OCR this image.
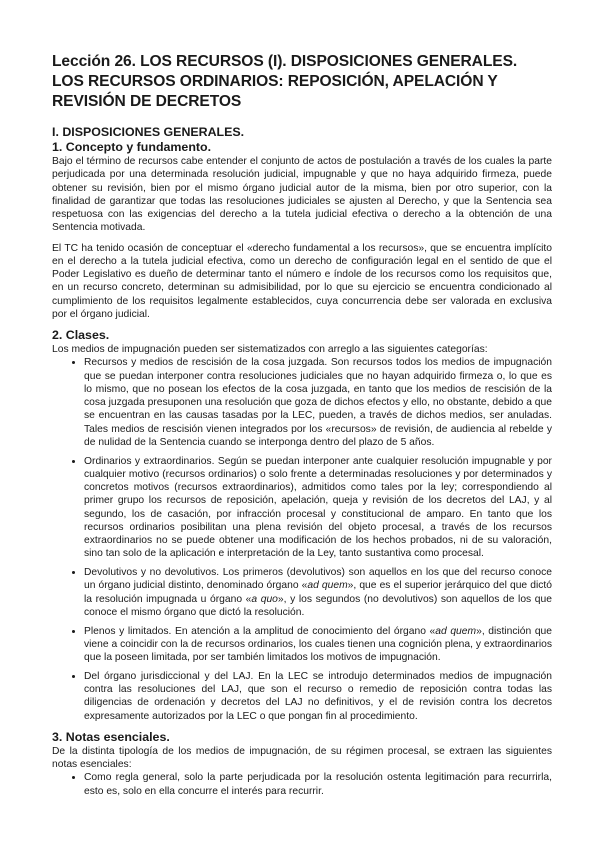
Lección 26. LOS RECURSOS (I). DISPOSICIONES GENERALES. LOS RECURSOS ORDINARIOS: REPOSICIÓN, APELACIÓN Y REVISIÓN DE DECRETOS
I. DISPOSICIONES GENERALES.
1. Concepto y fundamento.

Bajo el término de recursos cabe entender el conjunto de actos de postulación a través de los cuales la parte perjudicada por una determinada resolución judicial, impugnable y que no haya adquirido firmeza, puede obtener su revisión, bien por el mismo órgano judicial autor de la misma, bien por otro superior, con la finalidad de garantizar que todas las resoluciones judiciales se ajusten al Derecho, y que la Sentencia sea respetuosa con las exigencias del derecho a la tutela judicial efectiva o derecho a la obtención de una Sentencia motivada.

El TC ha tenido ocasión de conceptuar el «derecho fundamental a los recursos», que se encuentra implícito en el derecho a la tutela judicial efectiva, como un derecho de configuración legal en el sentido de que el Poder Legislativo es dueño de determinar tanto el número e índole de los recursos como los requisitos que, en un recurso concreto, determinan su admisibilidad, por lo que su ejercicio se encuentra condicionado al cumplimiento de los requisitos legalmente establecidos, cuya concurrencia debe ser valorada en exclusiva por el órgano judicial.

2. Clases.

Los medios de impugnación pueden ser sistematizados con arreglo a las siguientes categorías:

• Recursos y medios de rescisión de la cosa juzgada. Son recursos todos los medios de impugnación que se puedan interponer contra resoluciones judiciales que no hayan adquirido firmeza o, lo que es lo mismo, que no posean los efectos de la cosa juzgada, en tanto que los medios de rescisión de la cosa juzgada presuponen una resolución que goza de dichos efectos y ello, no obstante, debido a que se encuentran en las causas tasadas por la LEC, pueden, a través de dichos medios, ser anuladas. Tales medios de rescisión vienen integrados por los «recursos» de revisión, de audiencia al rebelde y de nulidad de la Sentencia cuando se interponga dentro del plazo de 5 años.
• Ordinarios y extraordinarios. Según se puedan interponer ante cualquier resolución impugnable y por cualquier motivo (recursos ordinarios) o solo frente a determinadas resoluciones y por determinados y concretos motivos (recursos extraordinarios), admitidos como tales por la ley; correspondiendo al primer grupo los recursos de reposición, apelación, queja y revisión de los decretos del LAJ, y al segundo, los de casación, por infracción procesal y constitucional de amparo. En tanto que los recursos ordinarios posibilitan una plena revisión del objeto procesal, a través de los recursos extraordinarios no se puede obtener una modificación de los hechos probados, ni de su valoración, sino tan solo de la aplicación e interpretación de la Ley, tanto sustantiva como procesal.
• Devolutivos y no devolutivos. Los primeros (devolutivos) son aquellos en los que del recurso conoce un órgano judicial distinto, denominado órgano «ad quem», que es el superior jerárquico del que dictó la resolución impugnada u órgano «a quo», y los segundos (no devolutivos) son aquellos de los que conoce el mismo órgano que dictó la resolución.
• Plenos y limitados. En atención a la amplitud de conocimiento del órgano «ad quem», distinción que viene a coincidir con la de recursos ordinarios, los cuales tienen una cognición plena, y extraordinarios que la poseen limitada, por ser también limitados los motivos de impugnación.
• Del órgano jurisdiccional y del LAJ. En la LEC se introdujo determinados medios de impugnación contra las resoluciones del LAJ, que son el recurso o remedio de reposición contra todas las diligencias de ordenación y decretos del LAJ no definitivos, y el de revisión contra los decretos expresamente autorizados por la LEC o que pongan fin al procedimiento.
3. Notas esenciales.

De la distinta tipología de los medios de impugnación, de su régimen procesal, se extraen las siguientes notas esenciales:

• Como regla general, solo la parte perjudicada por la resolución ostenta legitimación para recurrirla, esto es, solo en ella concurre el interés para recurrir.
